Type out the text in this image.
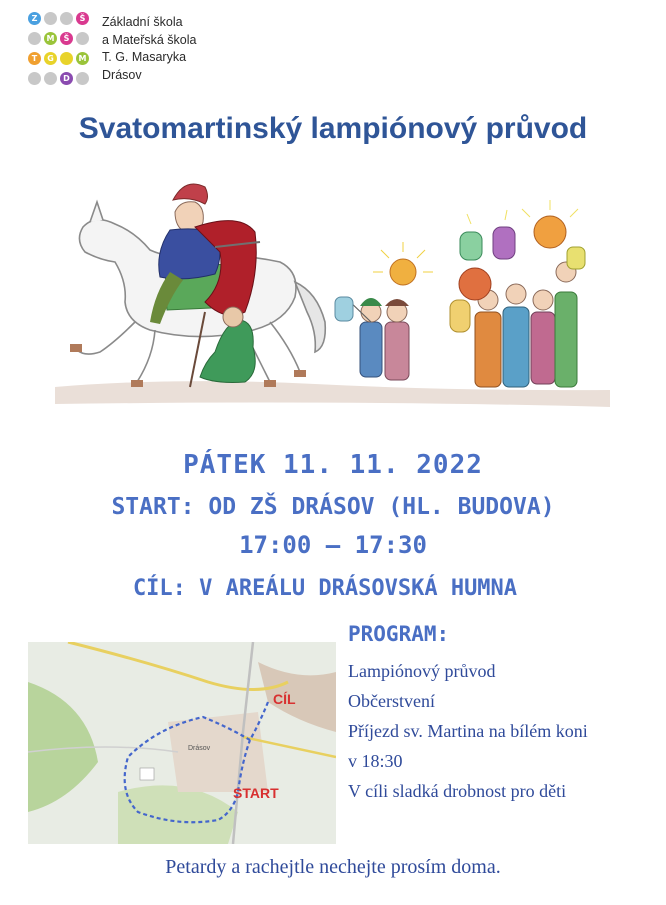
Z	Š
M	Š
T	G	M
D
Základní škola
a Mateřská škola
T. G. Masaryka
Drásov
Svatomartinský lampiónový průvod
PÁTEK 11. 11. 2022
START: OD ZŠ DRÁSOV (HL. BUDOVA)
17:00 – 17:30
CÍL: V AREÁLU DRÁSOVSKÁ HUMNA
CÍL
START
Drásov
PROGRAM:
Lampiónový průvod
Občerstvení
Příjezd sv. Martina na bílém koni
v 18:30
V cíli sladká drobnost pro děti
Petardy a rachejtle nechejte prosím doma.
